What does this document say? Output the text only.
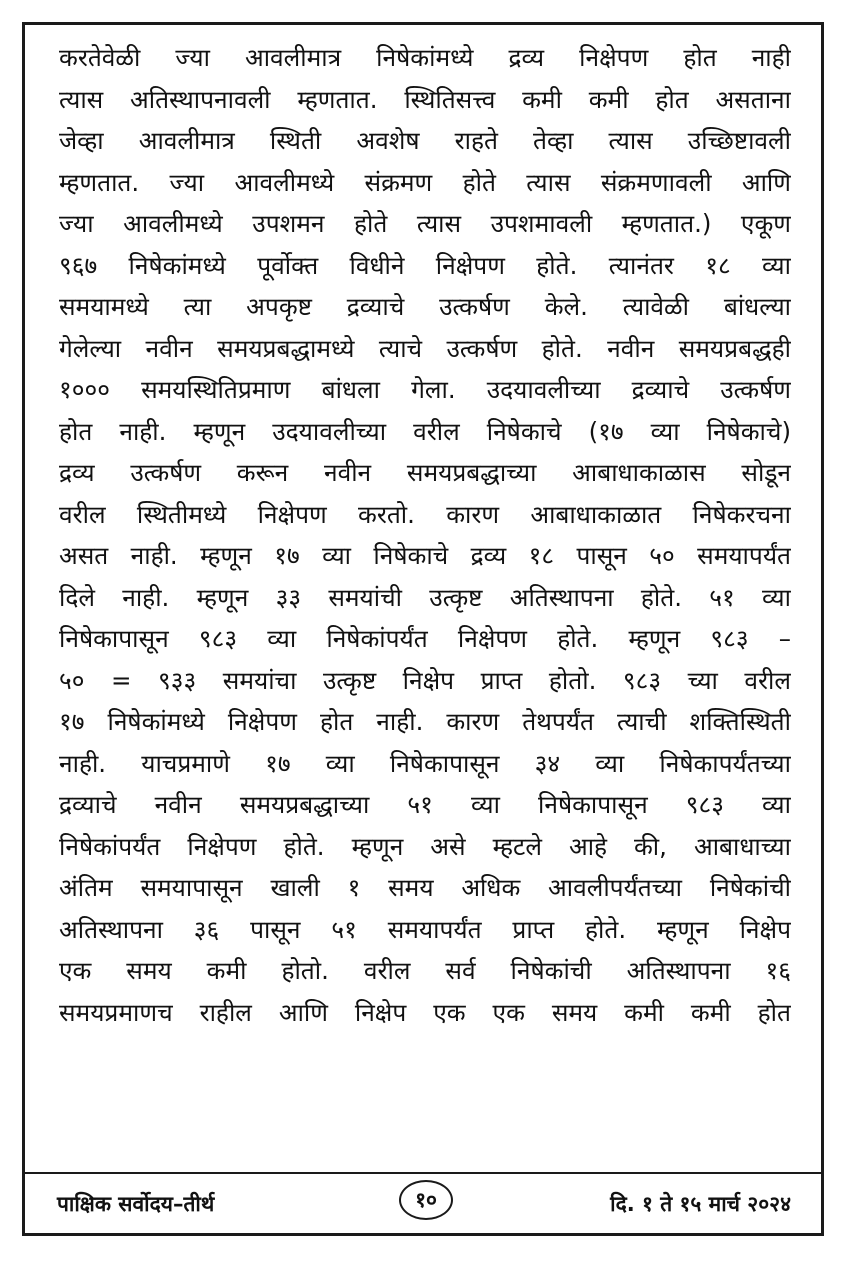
करतेवेळी ज्या आवलीमात्र निषेकांमध्ये द्रव्य निक्षेपण होत नाही
त्यास अतिस्थापनावली म्हणतात. स्थितिसत्त्व कमी कमी होत असताना
जेव्हा आवलीमात्र स्थिती अवशेष राहते तेव्हा त्यास उच्छिष्टावली
म्हणतात. ज्या आवलीमध्ये संक्रमण होते त्यास संक्रमणावली आणि
ज्या आवलीमध्ये उपशमन होते त्यास उपशमावली म्हणतात.) एकूण
९६७ निषेकांमध्ये पूर्वोक्त विधीने निक्षेपण होते. त्यानंतर १८ व्या
समयामध्ये त्या अपकृष्ट द्रव्याचे उत्कर्षण केले. त्यावेळी बांधल्या
गेलेल्या नवीन समयप्रबद्धामध्ये त्याचे उत्कर्षण होते. नवीन समयप्रबद्धही
१००० समयस्थितिप्रमाण बांधला गेला. उदयावलीच्या द्रव्याचे उत्कर्षण
होत नाही. म्हणून उदयावलीच्या वरील निषेकाचे (१७ व्या निषेकाचे)
द्रव्य उत्कर्षण करून नवीन समयप्रबद्धाच्या आबाधाकाळास सोडून
वरील स्थितीमध्ये निक्षेपण करतो. कारण आबाधाकाळात निषेकरचना
असत नाही. म्हणून १७ व्या निषेकाचे द्रव्य १८ पासून ५० समयापर्यंत
दिले नाही. म्हणून ३३ समयांची उत्कृष्ट अतिस्थापना होते. ५१ व्या
निषेकापासून ९८३ व्या निषेकांपर्यंत निक्षेपण होते. म्हणून ९८३ –
५० = ९३३ समयांचा उत्कृष्ट निक्षेप प्राप्त होतो. ९८३ च्या वरील
१७ निषेकांमध्ये निक्षेपण होत नाही. कारण तेथपर्यंत त्याची शक्तिस्थिती
नाही. याचप्रमाणे १७ व्या निषेकापासून ३४ व्या निषेकापर्यंतच्या
द्रव्याचे नवीन समयप्रबद्धाच्या ५१ व्या निषेकापासून ९८३ व्या
निषेकांपर्यंत निक्षेपण होते. म्हणून असे म्हटले आहे की, आबाधाच्या
अंतिम समयापासून खाली १ समय अधिक आवलीपर्यंतच्या निषेकांची
अतिस्थापना ३६ पासून ५१ समयापर्यंत प्राप्त होते. म्हणून निक्षेप
एक समय कमी होतो. वरील सर्व निषेकांची अतिस्थापना १६
समयप्रमाणच राहील आणि निक्षेप एक एक समय कमी कमी होत
पाक्षिक सर्वोदय–तीर्थ	१०	दि. १ ते १५ मार्च २०२४
